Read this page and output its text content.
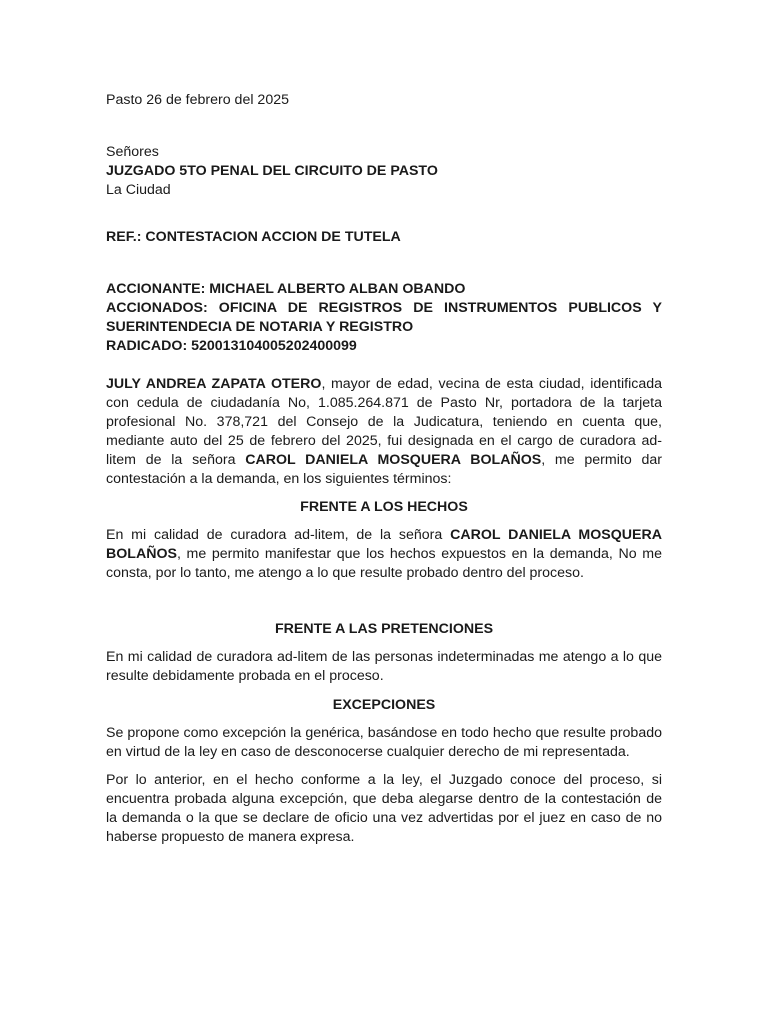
Pasto 26 de febrero del 2025

Señores

JUZGADO 5TO PENAL DEL CIRCUITO DE PASTO

La Ciudad

REF.: CONTESTACION ACCION DE TUTELA

ACCIONANTE: MICHAEL ALBERTO ALBAN OBANDO

ACCIONADOS: OFICINA DE REGISTROS DE INSTRUMENTOS PUBLICOS Y SUERINTENDECIA DE NOTARIA Y REGISTRO

RADICADO: 52001310400520240009​9

JULY ANDREA ZAPATA OTERO, mayor de edad, vecina de esta ciudad, identificada con cedula de ciudadanía No, 1.085.264.871 de Pasto Nr, portadora de la tarjeta profesional No. 378,721 del Consejo de la Judicatura, teniendo en cuenta que, mediante auto del 25 de febrero del 2025, fui designada en el cargo de curadora ad-litem de la señora CAROL DANIELA MOSQUERA BOLAÑOS, me permito dar contestación a la demanda, en los siguientes términos:

FRENTE A LOS HECHOS

En mi calidad de curadora ad-litem, de la señora CAROL DANIELA MOSQUERA BOLAÑOS, me permito manifestar que los hechos expuestos en la demanda, No me consta, por lo tanto, me atengo a lo que resulte probado dentro del proceso.

FRENTE A LAS PRETENCIONES

En mi calidad de curadora ad-litem de las personas indeterminadas me atengo a lo que resulte debidamente probada en el proceso.

EXCEPCIONES

Se propone como excepción la genérica, basándose en todo hecho que resulte probado en virtud de la ley en caso de desconocerse cualquier derecho de mi representada.

Por lo anterior, en el hecho conforme a la ley, el Juzgado conoce del proceso, si encuentra probada alguna excepción, que deba alegarse dentro de la contestación de la demanda o la que se declare de oficio una vez advertidas por el juez en caso de no haberse propuesto de manera expresa.
